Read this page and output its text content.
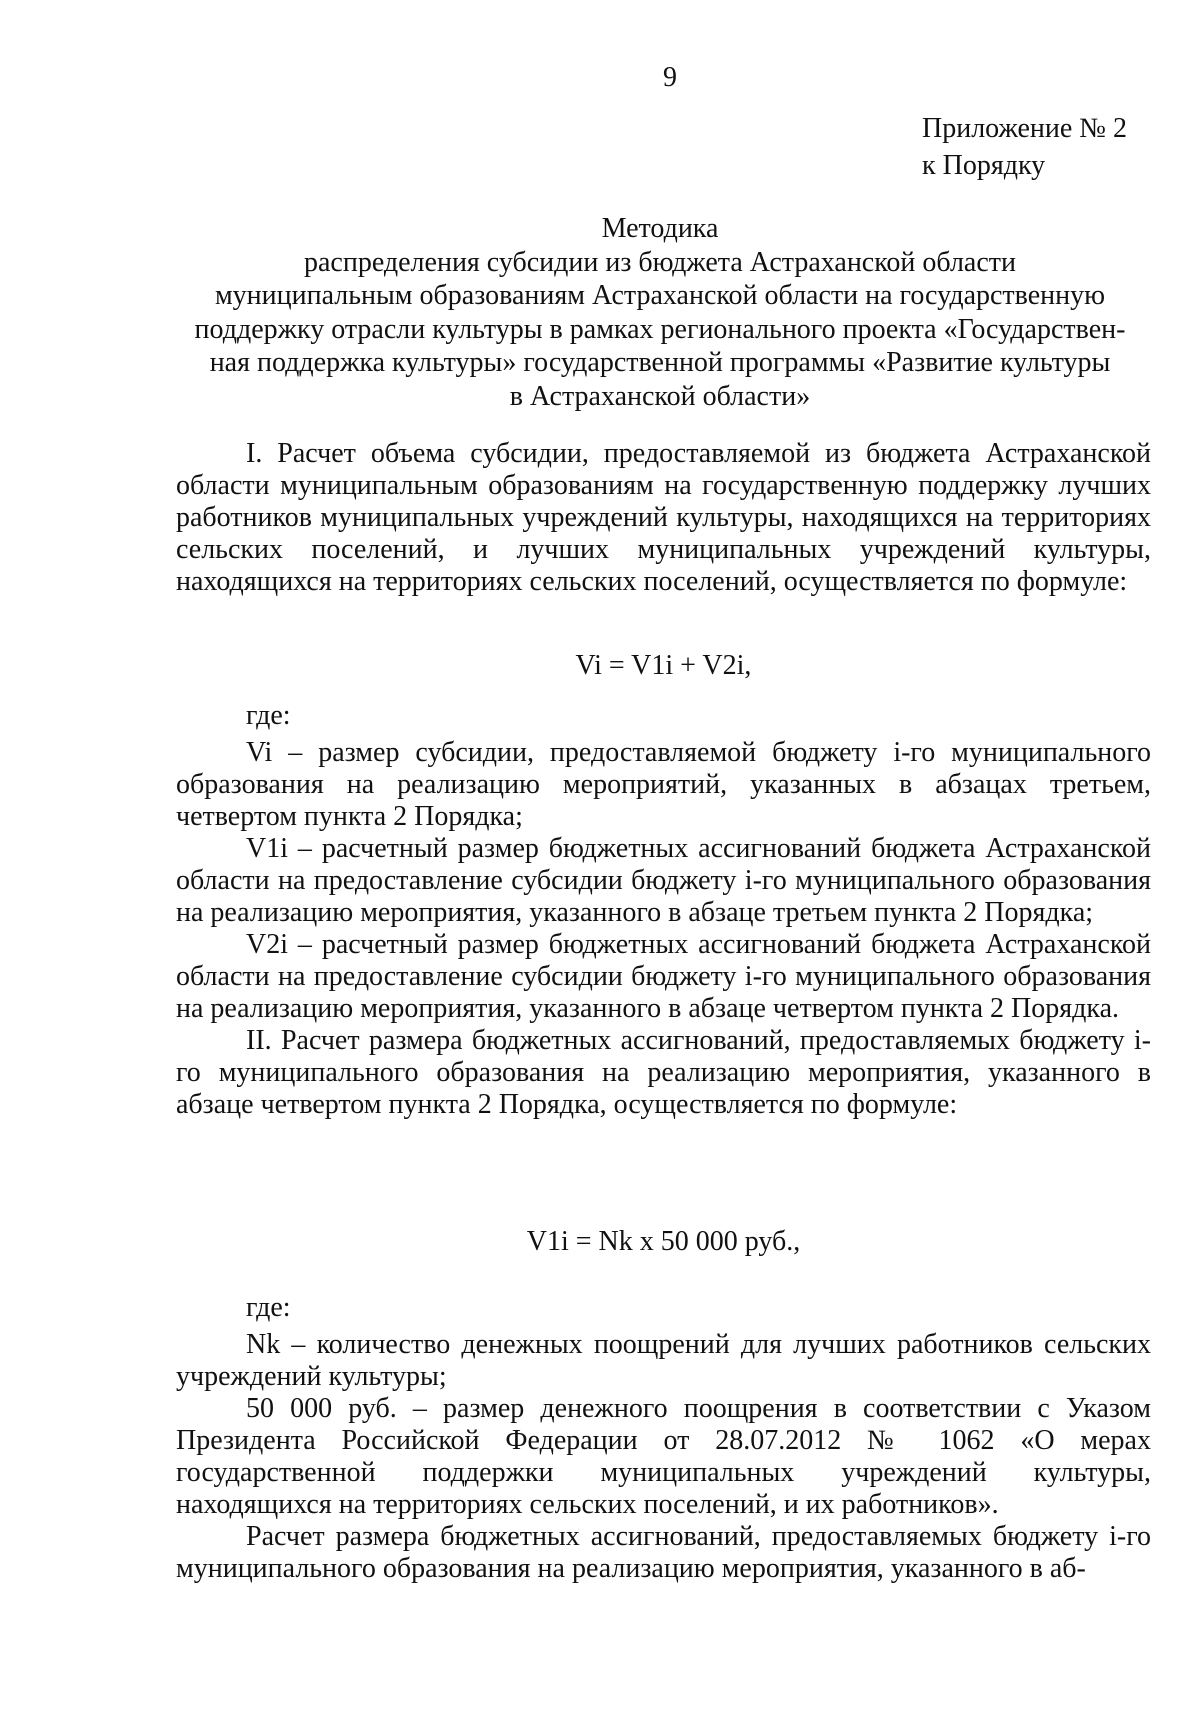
9
Приложение № 2
к Порядку
Методика
распределения субсидии из бюджета Астраханской области
муниципальным образованиям Астраханской области на государственную
поддержку отрасли культуры в рамках регионального проекта «Государствен-
ная поддержка культуры» государственной программы «Развитие культуры
в Астраханской области»

I. Расчет объема субсидии, предоставляемой из бюджета Астраханской области муниципальным образованиям на государственную поддержку лучших работников муниципальных учреждений культуры, находящихся на территориях сельских поселений, и лучших муниципальных учреждений культуры, находящихся на территориях сельских поселений, осуществляется по формуле:

Vi = V1i + V2i,
где:

Vi – размер субсидии, предоставляемой бюджету i-го муниципального образования на реализацию мероприятий, указанных в абзацах третьем, четвертом пункта 2 Порядка;

V1i – расчетный размер бюджетных ассигнований бюджета Астраханской области на предоставление субсидии бюджету i-го муниципального образования на реализацию мероприятия, указанного в абзаце третьем пункта 2 Порядка;

V2i – расчетный размер бюджетных ассигнований бюджета Астраханской области на предоставление субсидии бюджету i-го муниципального образования на реализацию мероприятия, указанного в абзаце четвертом пункта 2 Порядка.

II. Расчет размера бюджетных ассигнований, предоставляемых бюджету i-го муниципального образования на реализацию мероприятия, указанного в абзаце четвертом пункта 2 Порядка, осуществляется по формуле:

V1i = Nk x 50 000 руб.,
где:

Nk – количество денежных поощрений для лучших работников сельских учреждений культуры;

50 000 руб. – размер денежного поощрения в соответствии с Указом Президента Российской Федерации от 28.07.2012 № 1062 «О мерах государственной поддержки муниципальных учреждений культуры, находящихся на территориях сельских поселений, и их работников».

Расчет размера бюджетных ассигнований, предоставляемых бюджету i-го муниципального образования на реализацию мероприятия, указанного в аб-
